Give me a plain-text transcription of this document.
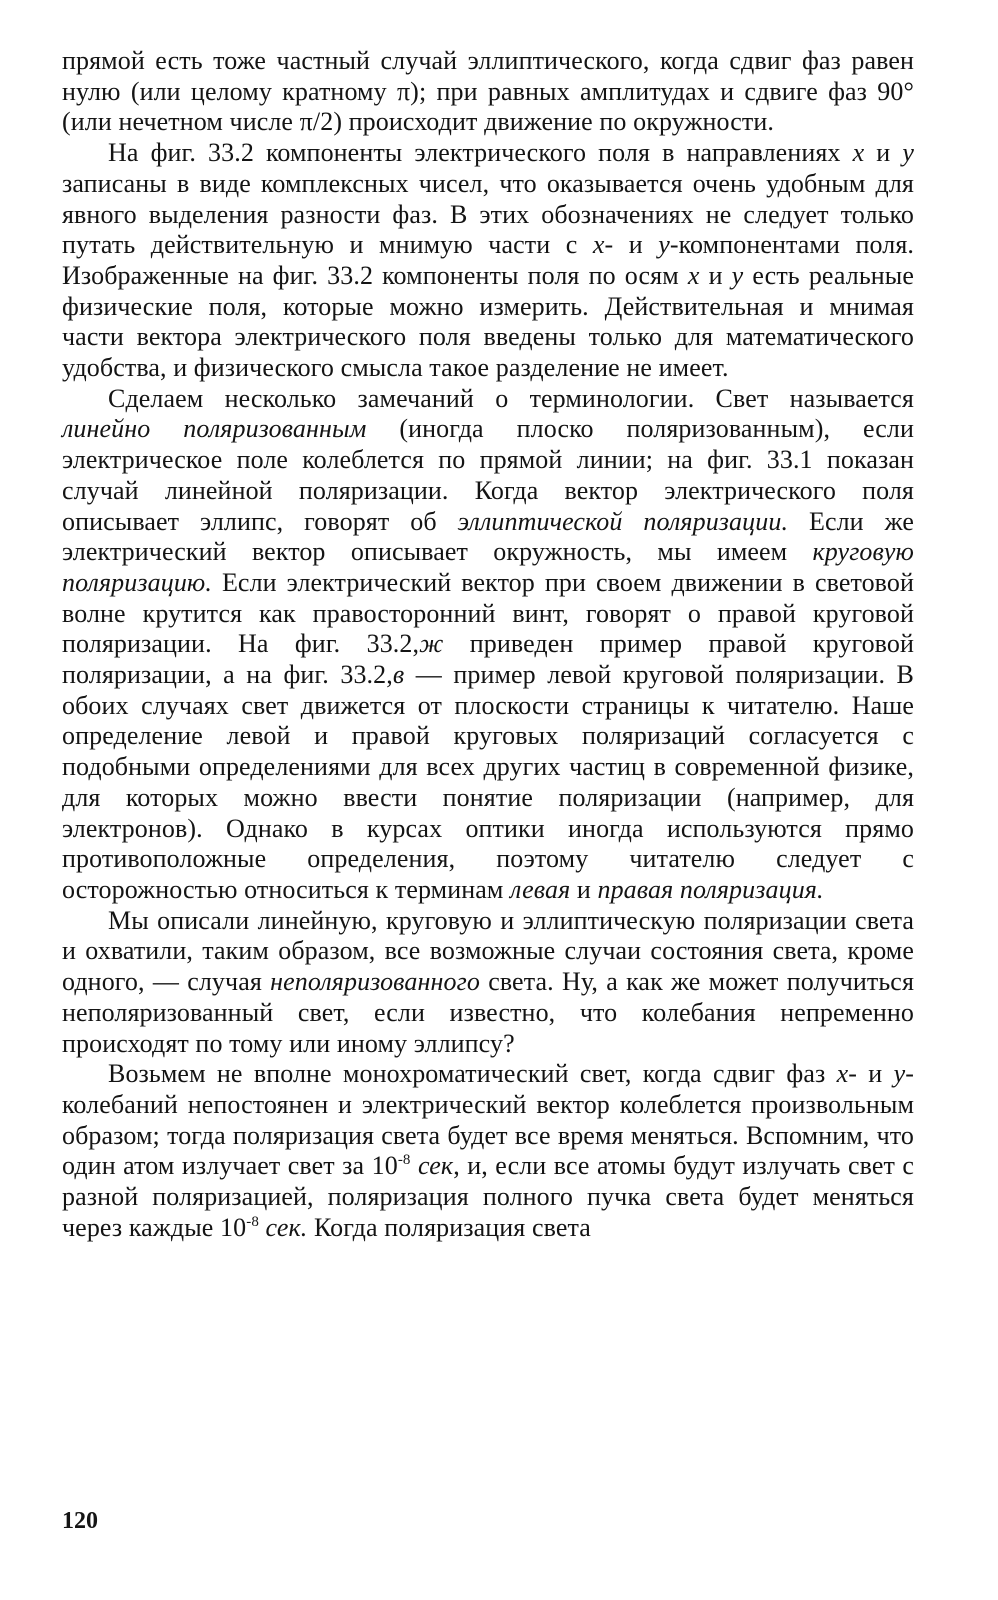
прямой есть тоже частный случай эллиптического, когда сдвиг фаз равен нулю (или целому кратному π); при равных амплитудах и сдвиге фаз 90° (или нечетном числе π/2) происходит движение по окружности.

На фиг. 33.2 компоненты электрического поля в направлениях x и y записаны в виде комплексных чисел, что оказывается очень удобным для явного выделения разности фаз. В этих обозначениях не следует только путать действительную и мнимую части с x- и y-компонентами поля. Изображенные на фиг. 33.2 компоненты поля по осям x и y есть реальные физические поля, которые можно измерить. Действительная и мнимая части вектора электрического поля введены только для математического удобства, и физического смысла такое разделение не имеет.

Сделаем несколько замечаний о терминологии. Свет называется линейно поляризованным (иногда плоско поляризованным), если электрическое поле колеблется по прямой линии; на фиг. 33.1 показан случай линейной поляризации. Когда вектор электрического поля описывает эллипс, говорят об эллиптической поляризации. Если же электрический вектор описывает окружность, мы имеем круговую поляризацию. Если электрический вектор при своем движении в световой волне крутится как правосторонний винт, говорят о правой круговой поляризации. На фиг. 33.2,ж приведен пример правой круговой поляризации, а на фиг. 33.2,в — пример левой круговой поляризации. В обоих случаях свет движется от плоскости страницы к читателю. Наше определение левой и правой круговых поляризаций согласуется с подобными определениями для всех других частиц в современной физике, для которых можно ввести понятие поляризации (например, для электронов). Однако в курсах оптики иногда используются прямо противоположные определения, поэтому читателю следует с осторожностью относиться к терминам левая и правая поляризация.

Мы описали линейную, круговую и эллиптическую поляризации света и охватили, таким образом, все возможные случаи состояния света, кроме одного, — случая неполяризованного света. Ну, а как же может получиться неполяризованный свет, если известно, что колебания непременно происходят по тому или иному эллипсу?

Возьмем не вполне монохроматический свет, когда сдвиг фаз x- и y-колебаний непостоянен и электрический вектор колеблется произвольным образом; тогда поляризация света будет все время меняться. Вспомним, что один атом излучает свет за $10^{-8}$ сек, и, если все атомы будут излучать свет с разной поляризацией, поляризация полного пучка света будет меняться через каждые $10^{-8}$ сек. Когда поляризация света

120
